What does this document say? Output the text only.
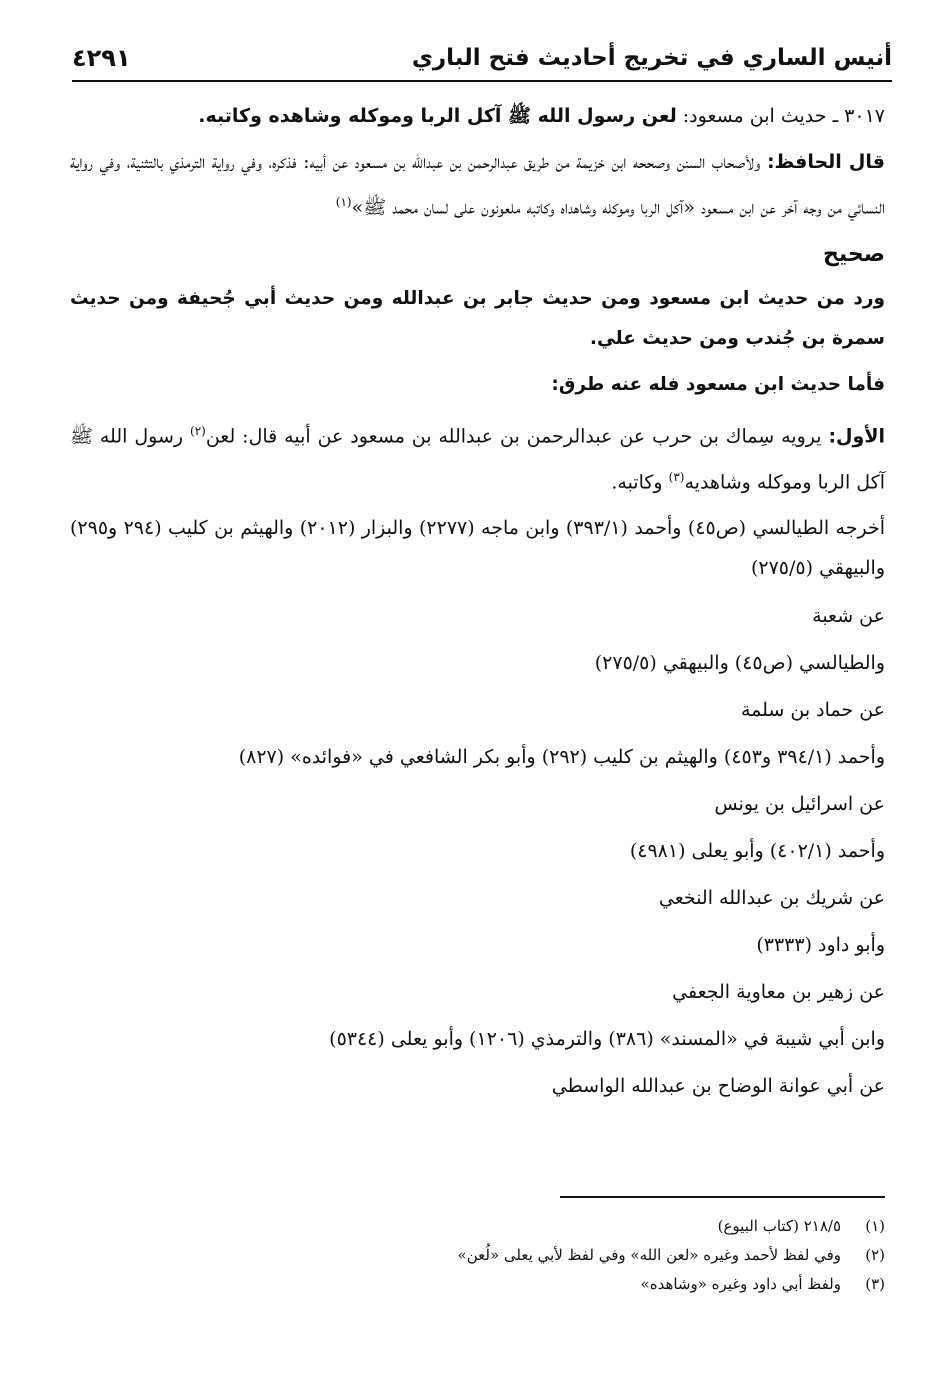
أنيس الساري في تخريج أحاديث فتح الباري
٤٢٩١
٣٠١٧ ـ حديث ابن مسعود: لعن رسول الله ﷺ آكل الربا وموكله وشاهده وكاتبه.
قال الحافظ: ولأصحاب السنن وصححه ابن خزيمة من طريق عبدالرحمن بن عبدالله بن مسعود عن أبيه: فذكره، وفي رواية الترمذي بالتثنية، وفي رواية النسائي من وجه آخر عن ابن مسعود «آكل الربا وموكله وشاهداه وكاتبه ملعونون على لسان محمد ﷺ»$^{(١)}$
صحيح
ورد من حديث ابن مسعود ومن حديث جابر بن عبدالله ومن حديث أبي جُحيفة ومن حديث سمرة بن جُندب ومن حديث علي.
فأما حديث ابن مسعود فله عنه طرق:
الأول: يرويه سِماك بن حرب عن عبدالرحمن بن عبدالله بن مسعود عن أبيه قال: لعن$^{(٢)}$ رسول الله ﷺ آكل الربا وموكله وشاهديه$^{(٣)}$ وكاتبه.
أخرجه الطيالسي (ص٤٥) وأحمد (٣٩٣/١) وابن ماجه (٢٢٧٧) والبزار (٢٠١٢) والهيثم بن كليب (٢٩٤ و٢٩٥) والبيهقي (٢٧٥/٥)
عن شعبة
والطيالسي (ص٤٥) والبيهقي (٢٧٥/٥)
عن حماد بن سلمة
وأحمد (٣٩٤/١ و٤٥٣) والهيثم بن كليب (٢٩٢) وأبو بكر الشافعي في «فوائده» (٨٢٧)
عن اسرائيل بن يونس
وأحمد (٤٠٢/١) وأبو يعلى (٤٩٨١)
عن شريك بن عبدالله النخعي
وأبو داود (٣٣٣٣)
عن زهير بن معاوية الجعفي
وابن أبي شيبة في «المسند» (٣٨٦) والترمذي (١٢٠٦) وأبو يعلى (٥٣٤٤)
عن أبي عوانة الوضاح بن عبدالله الواسطي
(١)٢١٨/٥ (كتاب البيوع)
(٢)وفي لفظ لأحمد وغيره «لعن الله» وفي لفظ لأبي يعلى «لُعن»
(٣)ولفظ أبي داود وغيره «وشاهده»
